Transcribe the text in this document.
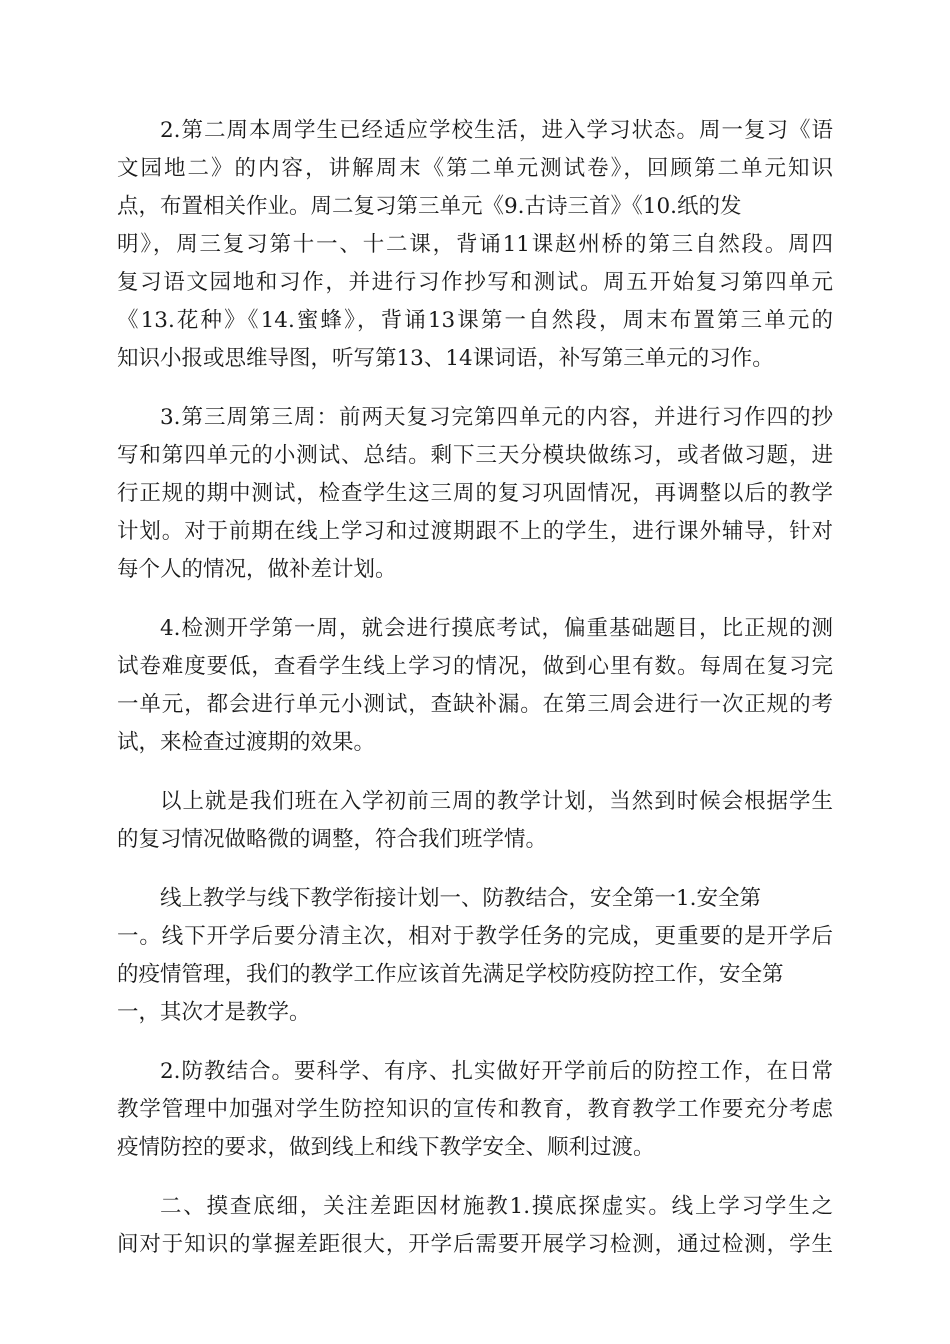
2.第二周本周学生已经适应学校生活，进入学习状态。周一复习《语
文园地二》的内容，讲解周末《第二单元测试卷》，回顾第二单元知识
点，布置相关作业。周二复习第三单元《9.古诗三首》《10.纸的发
明》，周三复习第十一、十二课，背诵11课赵州桥的第三自然段。周四
复习语文园地和习作，并进行习作抄写和测试。周五开始复习第四单元
《13.花种》《14.蜜蜂》，背诵13课第一自然段，周末布置第三单元的
知识小报或思维导图，听写第13、14课词语，补写第三单元的习作。
3.第三周第三周：前两天复习完第四单元的内容，并进行习作四的抄
写和第四单元的小测试、总结。剩下三天分模块做练习，或者做习题，进
行正规的期中测试，检查学生这三周的复习巩固情况，再调整以后的教学
计划。对于前期在线上学习和过渡期跟不上的学生，进行课外辅导，针对
每个人的情况，做补差计划。
4.检测开学第一周，就会进行摸底考试，偏重基础题目，比正规的测
试卷难度要低，查看学生线上学习的情况，做到心里有数。每周在复习完
一单元，都会进行单元小测试，查缺补漏。在第三周会进行一次正规的考
试，来检查过渡期的效果。
以上就是我们班在入学初前三周的教学计划，当然到时候会根据学生
的复习情况做略微的调整，符合我们班学情。
线上教学与线下教学衔接计划一、防教结合，安全第一1.安全第
一。线下开学后要分清主次，相对于教学任务的完成，更重要的是开学后
的疫情管理，我们的教学工作应该首先满足学校防疫防控工作，安全第
一，其次才是教学。
2.防教结合。要科学、有序、扎实做好开学前后的防控工作，在日常
教学管理中加强对学生防控知识的宣传和教育，教育教学工作要充分考虑
疫情防控的要求，做到线上和线下教学安全、顺利过渡。
二、摸查底细，关注差距因材施教1.摸底探虚实。线上学习学生之
间对于知识的掌握差距很大，开学后需要开展学习检测，通过检测，学生
